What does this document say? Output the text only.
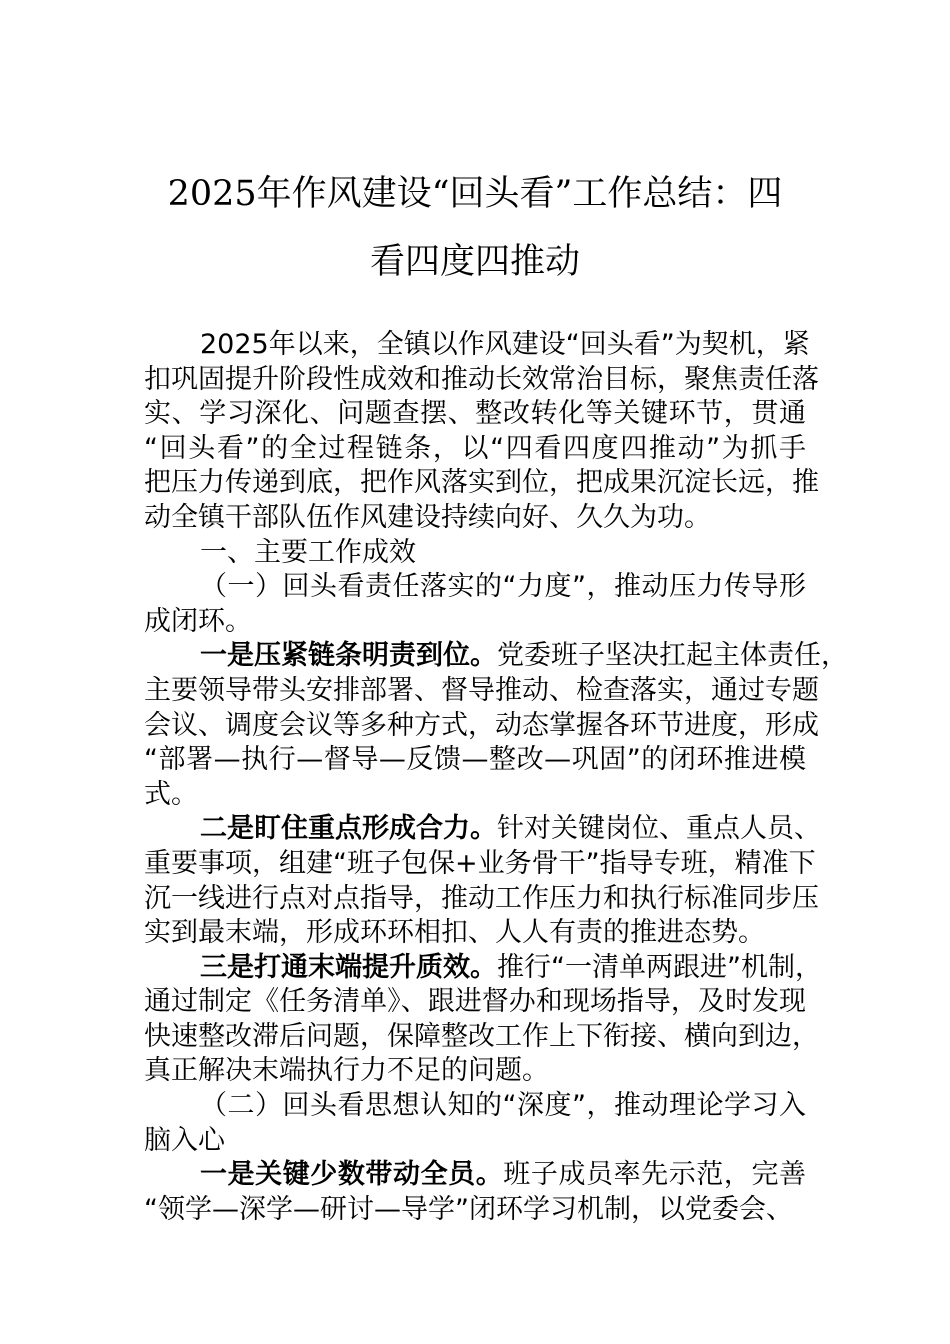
2025年作风建设“回头看”工作总结：四
看四度四推动
2025年以来，全镇以作风建设“回头看”为契机，紧
扣巩固提升阶段性成效和推动长效常治目标，聚焦责任落
实、学习深化、问题查摆、整改转化等关键环节，贯通
“回头看”的全过程链条，以“四看四度四推动”为抓手
把压力传递到底，把作风落实到位，把成果沉淀长远，推
动全镇干部队伍作风建设持续向好、久久为功。
一、主要工作成效
（一）回头看责任落实的“力度”，推动压力传导形
成闭环。
一是压紧链条明责到位。党委班子坚决扛起主体责任，
主要领导带头安排部署、督导推动、检查落实，通过专题
会议、调度会议等多种方式，动态掌握各环节进度，形成
“部署—执行—督导—反馈—整改—巩固”的闭环推进模
式。
二是盯住重点形成合力。针对关键岗位、重点人员、
重要事项，组建“班子包保+业务骨干”指导专班，精准下
沉一线进行点对点指导，推动工作压力和执行标准同步压
实到最末端，形成环环相扣、人人有责的推进态势。
三是打通末端提升质效。推行“一清单两跟进”机制，
通过制定《任务清单》、跟进督办和现场指导，及时发现
快速整改滞后问题，保障整改工作上下衔接、横向到边，
真正解决末端执行力不足的问题。
（二）回头看思想认知的“深度”，推动理论学习入
脑入心
一是关键少数带动全员。班子成员率先示范，完善
“领学—深学—研讨—导学”闭环学习机制，以党委会、
